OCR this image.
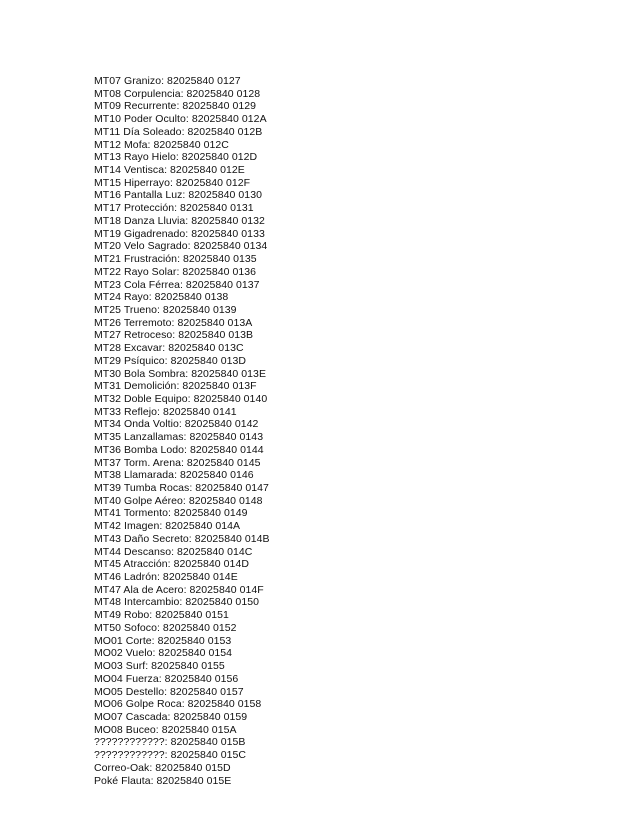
MT07 Granizo: 82025840 0127
MT08 Corpulencia: 82025840 0128
MT09 Recurrente: 82025840 0129
MT10 Poder Oculto: 82025840 012A
MT11 Día Soleado: 82025840 012B
MT12 Mofa: 82025840 012C
MT13 Rayo Hielo: 82025840 012D
MT14 Ventisca: 82025840 012E
MT15 Hiperrayo: 82025840 012F
MT16 Pantalla Luz: 82025840 0130
MT17 Protección: 82025840 0131
MT18 Danza Lluvia: 82025840 0132
MT19 Gigadrenado: 82025840 0133
MT20 Velo Sagrado: 82025840 0134
MT21 Frustración: 82025840 0135
MT22 Rayo Solar: 82025840 0136
MT23 Cola Férrea: 82025840 0137
MT24 Rayo: 82025840 0138
MT25 Trueno: 82025840 0139
MT26 Terremoto: 82025840 013A
MT27 Retroceso: 82025840 013B
MT28 Excavar: 82025840 013C
MT29 Psíquico: 82025840 013D
MT30 Bola Sombra: 82025840 013E
MT31 Demolición: 82025840 013F
MT32 Doble Equipo: 82025840 0140
MT33 Reflejo: 82025840 0141
MT34 Onda Voltio: 82025840 0142
MT35 Lanzallamas: 82025840 0143
MT36 Bomba Lodo: 82025840 0144
MT37 Torm. Arena: 82025840 0145
MT38 Llamarada: 82025840 0146
MT39 Tumba Rocas: 82025840 0147
MT40 Golpe Aéreo: 82025840 0148
MT41 Tormento: 82025840 0149
MT42 Imagen: 82025840 014A
MT43 Daño Secreto: 82025840 014B
MT44 Descanso: 82025840 014C
MT45 Atracción: 82025840 014D
MT46 Ladrón: 82025840 014E
MT47 Ala de Acero: 82025840 014F
MT48 Intercambio: 82025840 0150
MT49 Robo: 82025840 0151
MT50 Sofoco: 82025840 0152
MO01 Corte: 82025840 0153
MO02 Vuelo: 82025840 0154
MO03 Surf: 82025840 0155
MO04 Fuerza: 82025840 0156
MO05 Destello: 82025840 0157
MO06 Golpe Roca: 82025840 0158
MO07 Cascada: 82025840 0159
MO08 Buceo: 82025840 015A
????????????: 82025840 015B
????????????: 82025840 015C
Correo-Oak: 82025840 015D
Poké Flauta: 82025840 015E
